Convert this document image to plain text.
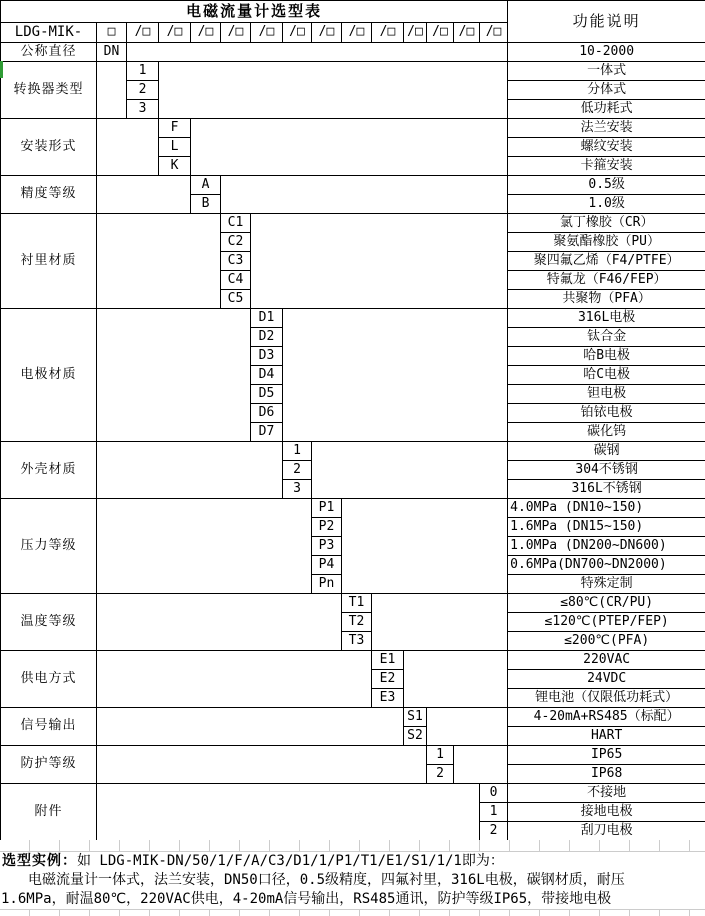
电磁流量计选型表															功能说明
LDG-MIK-	□	/□	/□	/□	/□	/□	/□	/□	/□	/□	/□	/□	/□	/□	
公称直径	DN														10-2000
转换器类型		1													一体式
		2													分体式
		3													低功耗式
安装形式			F												法兰安装
			L												螺纹安装
			K												卡箍安装
精度等级				A											0.5级
				B											1.0级
衬里材质					C1										氯丁橡胶（CR）
					C2										聚氨酯橡胶（PU）
					C3										聚四氟乙烯（F4/PTFE）
					C4										特氟龙（F46/FEP）
					C5										共聚物（PFA）
电极材质						D1									316L电极
						D2									钛合金
						D3									哈B电极
						D4									哈C电极
						D5									钽电极
						D6									铂铱电极
						D7									碳化钨
外壳材质							1								碳钢
							2								304不锈钢
							3								316L不锈钢
压力等级								P1							4.0MPa (DN10~150)
								P2							1.6MPa (DN15~150)
								P3							1.0MPa (DN200~DN600)
								P4							0.6MPa(DN700~DN2000)
								Pn							特殊定制
温度等级									T1						≤80℃(CR/PU)
									T2						≤120℃(PTEP/FEP)
									T3						≤200℃(PFA)
供电方式										E1					220VAC
										E2					24VDC
										E3					锂电池（仅限低功耗式）
信号输出											S1				4-20mA+RS485（标配）
											S2				HART
防护等级												1			IP65
												2			IP68
附件														0	不接地
														1	接地电极
														2	刮刀电极
选型实例：如 LDG-MIK-DN/50/1/F/A/C3/D1/1/P1/T1/E1/S1/1/1即为：
电磁流量计一体式，法兰安装，DN50口径，0.5级精度，四氟衬里，316L电极，碳钢材质，耐压
1.6MPa，耐温80℃，220VAC供电，4-20mA信号输出，RS485通讯，防护等级IP65，带接地电极
